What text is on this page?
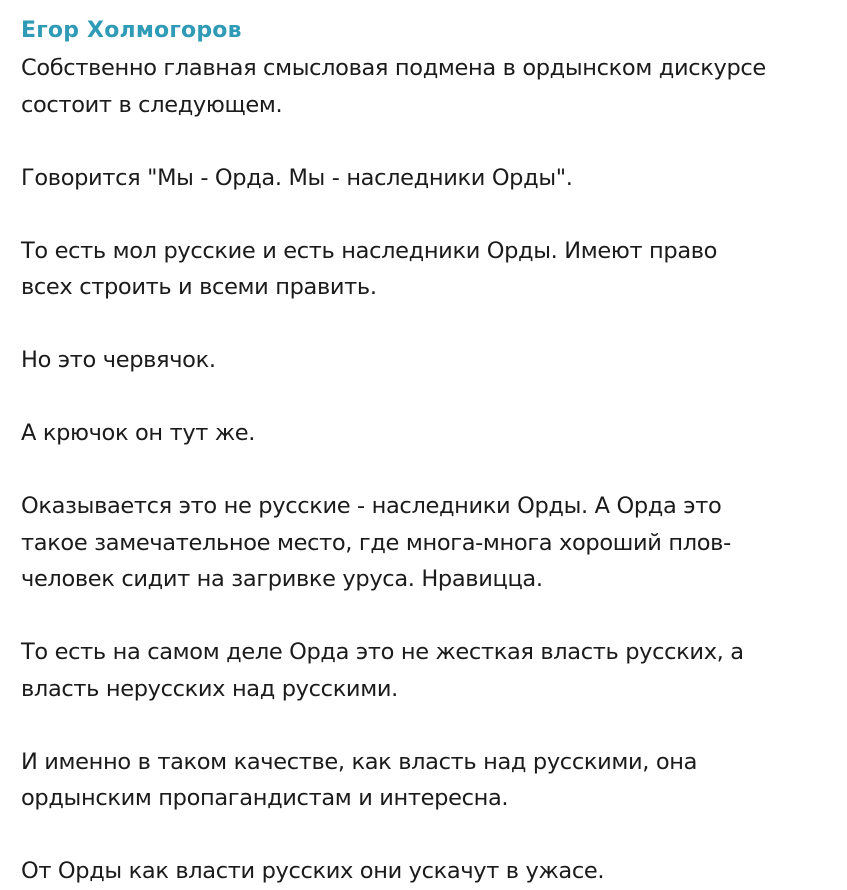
Егор Холмогоров

Собственно главная смысловая подмена в ордынском дискурсе
состоит в следующем.

Говорится "Мы - Орда. Мы - наследники Орды".

То есть мол русские и есть наследники Орды. Имеют право
всех строить и всеми править.

Но это червячок.

А крючок он тут же.

Оказывается это не русские - наследники Орды. А Орда это
такое замечательное место, где многа-многа хороший плов-
человек сидит на загривке уруса. Нравицца.

То есть на самом деле Орда это не жесткая власть русских, а
власть нерусских над русскими.

И именно в таком качестве, как власть над русскими, она
ордынским пропагандистам и интересна.

От Орды как власти русских они ускачут в ужасе.
